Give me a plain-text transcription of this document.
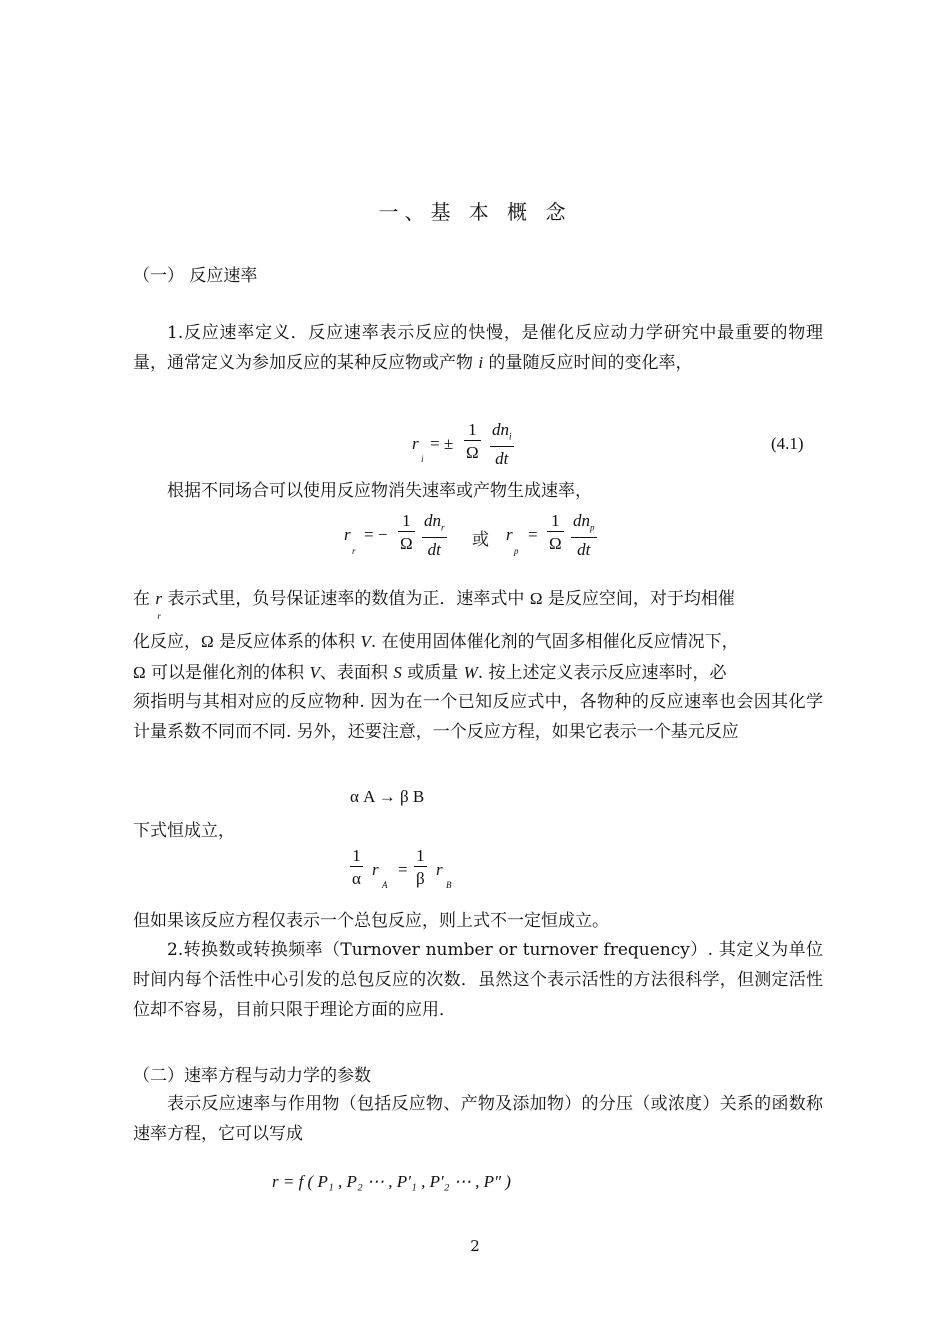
一、基 本 概 念
（一） 反应速率
1.反应速率定义．反应速率表示反应的快慢，是催化反应动力学研究中最重要的物理量，通常定义为参加反应的某种反应物或产物 i 的量随反应时间的变化率，
r
i
= ±
1
Ω
$dn_i$
dt
(4.1)
根据不同场合可以使用反应物消失速率或产物生成速率，
r
r
= −
1
Ω
$dn_r$
dt
或 r
p
=
1
Ω
$dn_p$
dt
在 r
r
表示式里，负号保证速率的数值为正．速率式中 Ω 是反应空间，对于均相催
化反应，Ω 是反应体系的体积 V. 在使用固体催化剂的气固多相催化反应情况下，
Ω 可以是催化剂的体积 V、表面积 S 或质量 W. 按上述定义表示反应速率时，必
须指明与其相对应的反应物种. 因为在一个已知反应式中，各物种的反应速率也会因其化学计量系数不同而不同. 另外，还要注意，一个反应方程，如果它表示一个基元反应
α A → β B
下式恒成立，
1
α r
A
=
1
β r
B
但如果该反应方程仅表示一个总包反应，则上式不一定恒成立。
2.转换数或转换频率（Turnover number or turnover frequency）. 其定义为单位时间内每个活性中心引发的总包反应的次数．虽然这个表示活性的方法很科学，但测定活性位却不容易，目前只限于理论方面的应用．
（二）速率方程与动力学的参数
表示反应速率与作用物（包括反应物、产物及添加物）的分压（或浓度）关系的函数称速率方程，它可以写成
r = f ( P₁ , P₂ ⋯ , P′₁ , P′₂ ⋯ , P″ )
2
